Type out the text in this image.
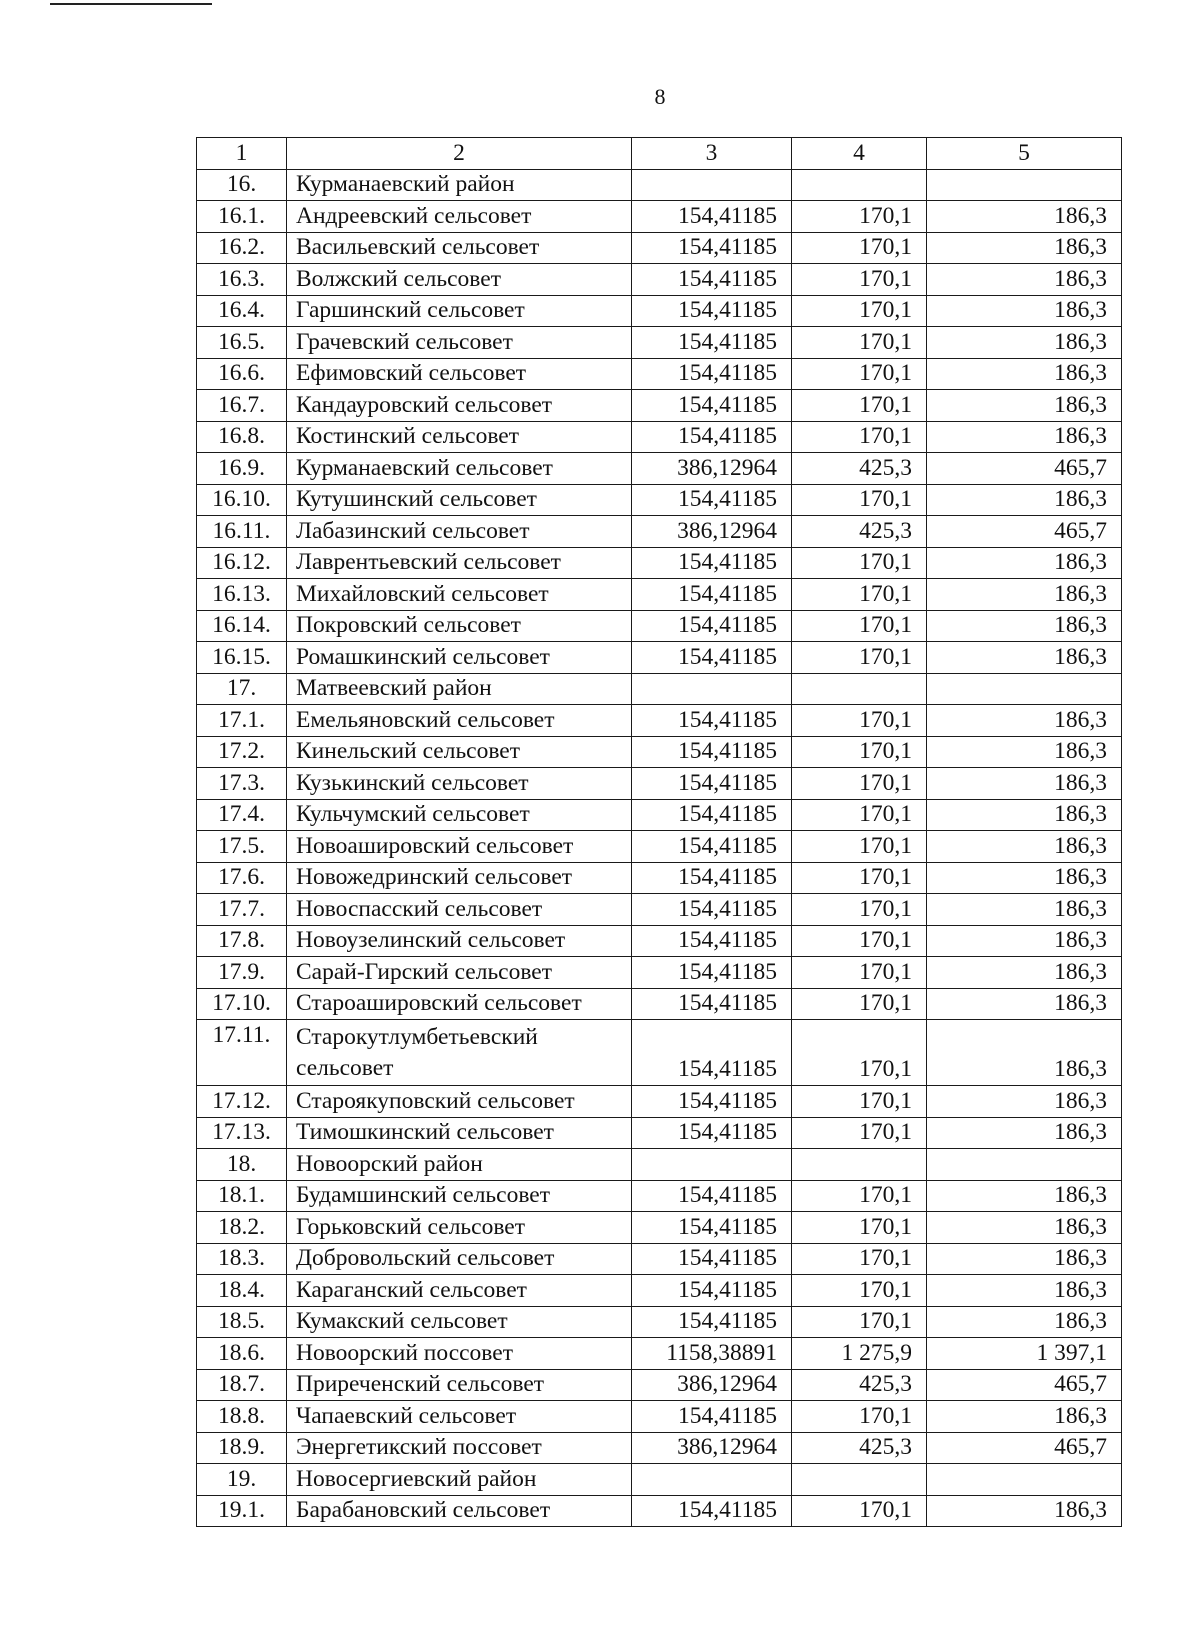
8
1	2	3	4	5
16.	Курманаевский район			
16.1.	Андреевский сельсовет	154,41185	170,1	186,3
16.2.	Васильевский сельсовет	154,41185	170,1	186,3
16.3.	Волжский сельсовет	154,41185	170,1	186,3
16.4.	Гаршинский сельсовет	154,41185	170,1	186,3
16.5.	Грачевский сельсовет	154,41185	170,1	186,3
16.6.	Ефимовский сельсовет	154,41185	170,1	186,3
16.7.	Кандауровский сельсовет	154,41185	170,1	186,3
16.8.	Костинский сельсовет	154,41185	170,1	186,3
16.9.	Курманаевский сельсовет	386,12964	425,3	465,7
16.10.	Кутушинский сельсовет	154,41185	170,1	186,3
16.11.	Лабазинский сельсовет	386,12964	425,3	465,7
16.12.	Лаврентьевский сельсовет	154,41185	170,1	186,3
16.13.	Михайловский сельсовет	154,41185	170,1	186,3
16.14.	Покровский сельсовет	154,41185	170,1	186,3
16.15.	Ромашкинский сельсовет	154,41185	170,1	186,3
17.	Матвеевский район			
17.1.	Емельяновский сельсовет	154,41185	170,1	186,3
17.2.	Кинельский сельсовет	154,41185	170,1	186,3
17.3.	Кузькинский сельсовет	154,41185	170,1	186,3
17.4.	Кульчумский сельсовет	154,41185	170,1	186,3
17.5.	Новоашировский сельсовет	154,41185	170,1	186,3
17.6.	Новожедринский сельсовет	154,41185	170,1	186,3
17.7.	Новоспасский сельсовет	154,41185	170,1	186,3
17.8.	Новоузелинский сельсовет	154,41185	170,1	186,3
17.9.	Сарай-Гирский сельсовет	154,41185	170,1	186,3
17.10.	Староашировский сельсовет	154,41185	170,1	186,3
17.11.	Старокутлумбетьевский сельсовет	154,41185	170,1	186,3
17.12.	Староякуповский сельсовет	154,41185	170,1	186,3
17.13.	Тимошкинский сельсовет	154,41185	170,1	186,3
18.	Новоорский район			
18.1.	Будамшинский сельсовет	154,41185	170,1	186,3
18.2.	Горьковский сельсовет	154,41185	170,1	186,3
18.3.	Добровольский сельсовет	154,41185	170,1	186,3
18.4.	Караганский сельсовет	154,41185	170,1	186,3
18.5.	Кумакский сельсовет	154,41185	170,1	186,3
18.6.	Новоорский поссовет	1158,38891	1 275,9	1 397,1
18.7.	Приреченский сельсовет	386,12964	425,3	465,7
18.8.	Чапаевский сельсовет	154,41185	170,1	186,3
18.9.	Энергетикский поссовет	386,12964	425,3	465,7
19.	Новосергиевский район			
19.1.	Барабановский сельсовет	154,41185	170,1	186,3
